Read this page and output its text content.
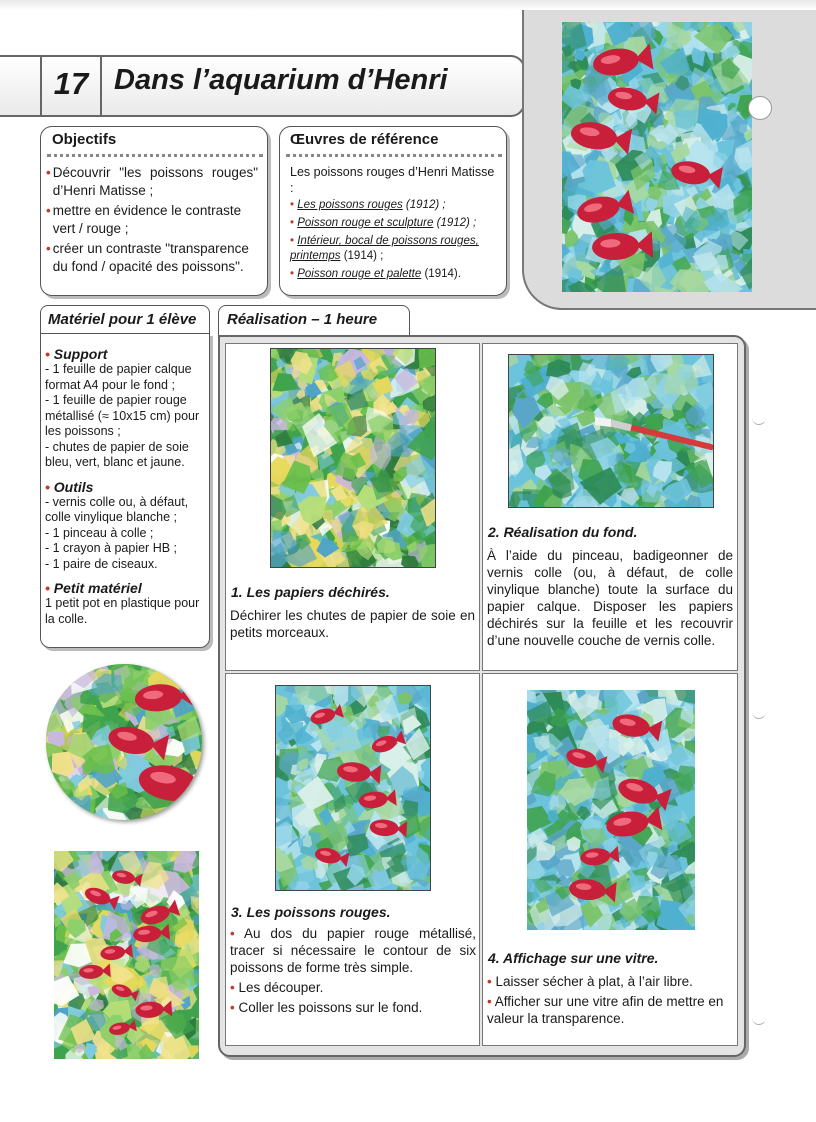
17 Dans l’aquarium d’Henri
Objectifs
• Découvrir "les poissons rouges" d’Henri Matisse ;
• mettre en évidence le contraste vert / rouge ;
• créer un contraste "transparence du fond / opacité des poissons".
Œuvres de référence
Les poissons rouges d’Henri Matisse :
• Les poissons rouges (1912) ;
• Poisson rouge et sculpture (1912) ;
• Intérieur, bocal de poissons rouges, printemps (1914) ;
• Poisson rouge et palette (1914).
Matériel pour 1 élève
• Support
- 1 feuille de papier calque format A4 pour le fond ;
- 1 feuille de papier rouge métallisé (≈ 10x15 cm) pour les poissons ;
- chutes de papier de soie bleu, vert, blanc et jaune.
• Outils
- vernis colle ou, à défaut, colle vinylique blanche ;
- 1 pinceau à colle ;
- 1 crayon à papier HB ;
- 1 paire de ciseaux.
• Petit matériel
1 petit pot en plastique pour la colle.
Réalisation – 1 heure
1. Les papiers déchirés.
Déchirer les chutes de papier de soie en petits morceaux.
2. Réalisation du fond.
À l’aide du pinceau, badigeonner de vernis colle (ou, à défaut, de colle vinylique blanche) toute la surface du papier calque. Disposer les papiers déchirés sur la feuille et les recouvrir d’une nouvelle couche de vernis colle.
3. Les poissons rouges.
• Au dos du papier rouge métallisé, tracer si nécessaire le contour de six poissons de forme très simple.
• Les découper.
• Coller les poissons sur le fond.
4. Affichage sur une vitre.
• Laisser sécher à plat, à l’air libre.
• Afficher sur une vitre afin de mettre en valeur la transparence.
